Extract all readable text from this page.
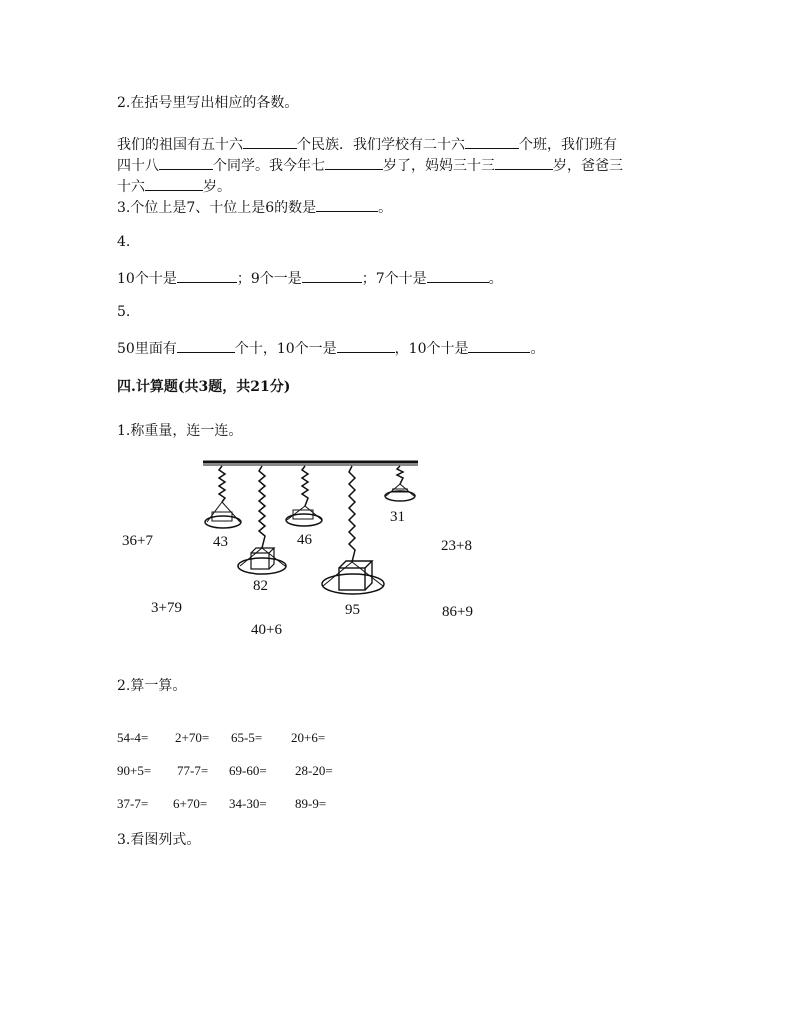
2.在括号里写出相应的各数。
我们的祖国有五十六	个民族．我们学校有二十六	个班，我们班有
四十八	个同学。我今年七	岁了，妈妈三十三	岁，爸爸三
十六	岁。
3.个位上是7、十位上是6的数是	。
4.
10个十是	；9个一是	；7个十是	。
5.
50里面有	个十，10个一是	，10个十是	。
四.计算题(共3题，共21分)
1.称重量，连一连。
43	46
31
82
95
36+7	23+8
3+79	86+9
40+6
2.算一算。
54-4= 2+70= 65-5= 20+6=
90+5= 77-7= 69-60= 28-20=
37-7= 6+70= 34-30= 89-9=
3.看图列式。
